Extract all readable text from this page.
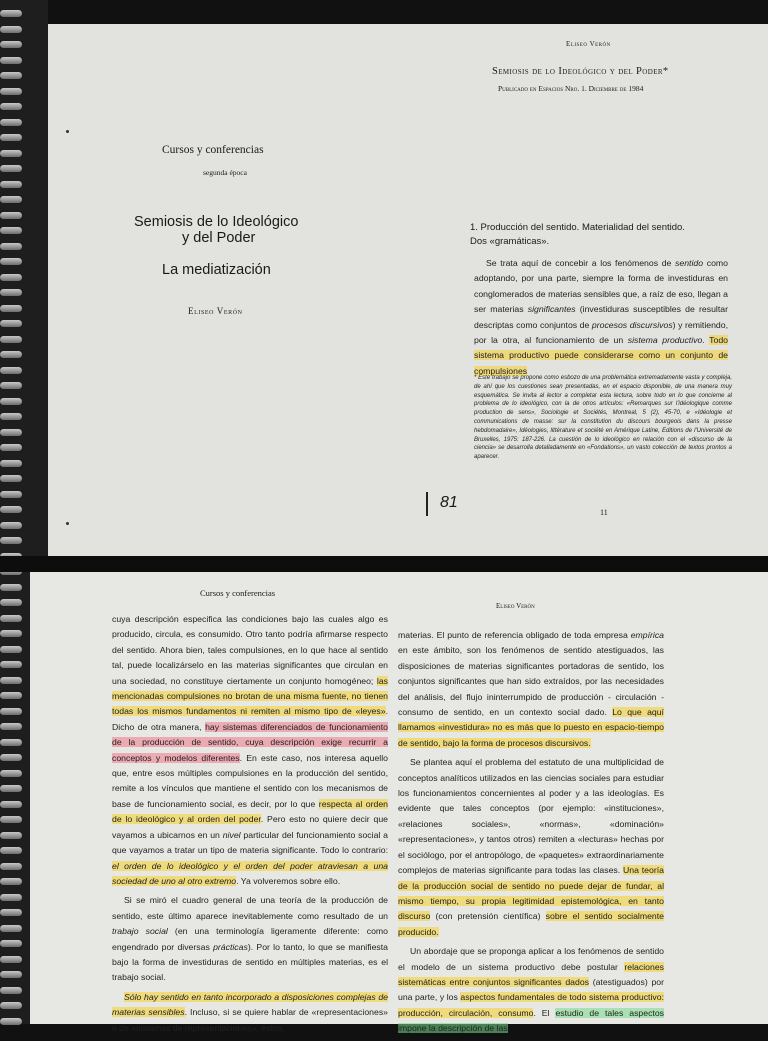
Eliseo Verón
Semiosis de lo Ideológico y del Poder*
Publicado en Espacios Nro. 1. Diciembre de 1984
Cursos y conferencias
segunda época
Semiosis de lo Ideológico
y del Poder
La mediatización
Eliseo Verón
1. Producción del sentido. Materialidad del sentido.
Dos «gramáticas».

Se trata aquí de concebir a los fenómenos de sentido como adoptando, por una parte, siempre la forma de investiduras en conglomerados de materias sensibles que, a raíz de eso, llegan a ser materias significantes (investiduras susceptibles de resultar descriptas como conjuntos de procesos discursivos) y remitiendo, por la otra, al funcionamiento de un sistema productivo. Todo sistema productivo puede considerarse como un conjunto de compulsiones

* Este trabajo se propone como esbozo de una problemática extremadamente vasta y compleja, de ahí que los cuestiones sean presentadas, en el espacio disponible, de una manera muy esquemática. Se invita al lector a completar esta lectura, sobre todo en lo que concierne al problema de lo ideológico, con la de otros artículos: «Remarques sur l'idéologique comme production de sens», Sociologie et Sociétés, Montreal, 5 (2), 45-70, e «Idéologie et communications de masse: sur la constitution du discours bourgeois dans la presse hebdomadaire», Idéologies, littérature et société en Amérique Latine, Editions de l'Université de Bruxelles, 1975: 187-226. La cuestión de lo ideológico en relación con el «discurso de la ciencia» se desarrolla detalladamente en «Fondations», un vasto colección de textos prontos a aparecer.

81
11
Cursos y conferencias
Eliseo Verón

cuya descripción especifica las condiciones bajo las cuales algo es producido, circula, es consumido. Otro tanto podría afirmarse respecto del sentido. Ahora bien, tales compulsiones, en lo que hace al sentido tal, puede localizárselo en las materias significantes que circulan en una sociedad, no constituye ciertamente un conjunto homogéneo; las mencionadas compulsiones no brotan de una misma fuente, no tienen todas los mismos fundamentos ni remiten al mismo tipo de «leyes». Dicho de otra manera, hay sistemas diferenciados de funcionamiento de la producción de sentido, cuya descripción exige recurrir a conceptos y modelos diferentes. En este caso, nos interesa aquello que, entre esos múltiples compulsiones en la producción del sentido, remite a los vínculos que mantiene el sentido con los mecanismos de base de funcionamiento social, es decir, por lo que respecta al orden de lo ideológico y al orden del poder. Pero esto no quiere decir que vayamos a ubicarnos en un nivel particular del funcionamiento social a que vayamos a tratar un tipo de materia significante. Todo lo contrario: el orden de lo ideológico y el orden del poder atraviesan a una sociedad de uno al otro extremo. Ya volveremos sobre ello.

Si se miró el cuadro general de una teoría de la producción de sentido, este último aparece inevitablemente como resultado de un trabajo social (en una terminología ligeramente diferente: como engendrado por diversas prácticas). Por lo tanto, lo que se manifiesta bajo la forma de investiduras de sentido en múltiples materias, es el trabajo social.

Sólo hay sentido en tanto incorporado a disposiciones complejas de materias sensibles. Incluso, si se quiere hablar de «representaciones» o de «sistemas de representaciones», éstos,

materias. El punto de referencia obligado de toda empresa empírica en este ámbito, son los fenómenos de sentido atestiguados, las disposiciones de materias significantes portadoras de sentido, los conjuntos significantes que han sido extraídos, por las necesidades del análisis, del flujo ininterrumpido de producción - circulación - consumo de sentido, en un contexto social dado. Lo que aquí llamamos «investidura» no es más que lo puesto en espacio-tiempo de sentido, bajo la forma de procesos discursivos.

Se plantea aquí el problema del estatuto de una multiplicidad de conceptos analíticos utilizados en las ciencias sociales para estudiar los funcionamientos concernientes al poder y a las ideologías. Es evidente que tales conceptos (por ejemplo: «instituciones», «relaciones sociales», «normas», «dominación» «representaciones», y tantos otros) remiten a «lecturas» hechas por el sociólogo, por el antropólogo, de «paquetes» extraordinariamente complejos de materias significante para todas las clases. Una teoría de la producción social de sentido no puede dejar de fundar, al mismo tiempo, su propia legitimidad epistemológica, en tanto discurso (con pretensión científica) sobre el sentido socialmente producido.

Un abordaje que se proponga aplicar a los fenómenos de sentido el modelo de un sistema productivo debe postular relaciones sistemáticas entre conjuntos significantes dados (atestiguados) por una parte, y los aspectos fundamentales de todo sistema productivo: producción, circulación, consumo. El estudio de tales aspectos impone la descripción de las
